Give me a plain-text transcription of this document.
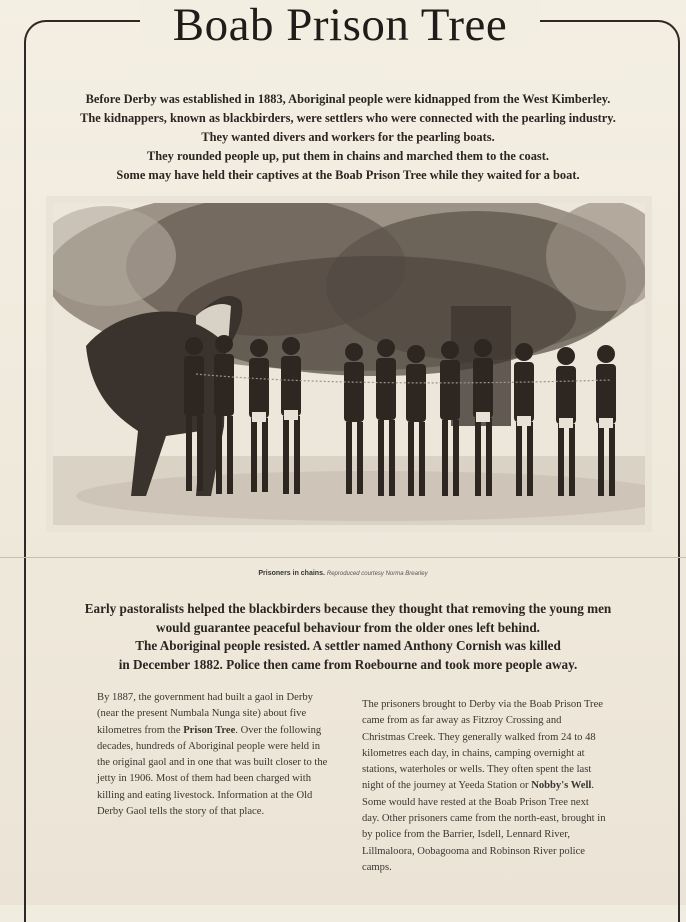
Boab Prison Tree

Before Derby was established in 1883, Aboriginal people were kidnapped from the West Kimberley.

The kidnappers, known as blackbirders, were settlers who were connected with the pearling industry.

They wanted divers and workers for the pearling boats.

They rounded people up, put them in chains and marched them to the coast.

Some may have held their captives at the Boab Prison Tree while they waited for a boat.

Prisoners in chains. Reproduced courtesy Norma Brearley

Early pastoralists helped the blackbirders because they thought that removing the young men

would guarantee peaceful behaviour from the older ones left behind.

The Aboriginal people resisted. A settler named Anthony Cornish was killed

in December 1882. Police then came from Roebourne and took more people away.

By 1887, the government had built a gaol in Derby (near the present Numbala Nunga site) about five kilometres from the Prison Tree. Over the following decades, hundreds of Aboriginal people were held in the original gaol and in one that was built closer to the jetty in 1906. Most of them had been charged with killing and eating livestock. Information at the Old Derby Gaol tells the story of that place.

The prisoners brought to Derby via the Boab Prison Tree came from as far away as Fitzroy Crossing and Christmas Creek. They generally walked from 24 to 48 kilometres each day, in chains, camping overnight at stations, waterholes or wells. They often spent the last night of the journey at Yeeda Station or Nobby's Well. Some would have rested at the Boab Prison Tree next day. Other prisoners came from the north-east, brought in by police from the Barrier, Isdell, Lennard River, Lillmaloora, Oobagooma and Robinson River police camps.
